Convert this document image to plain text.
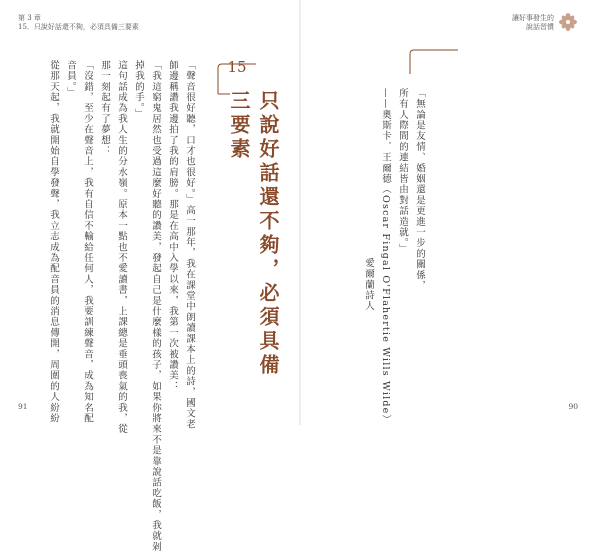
第 3 章
15．只說好話還不夠，必須具備三要素

「聲音很好聽，口才也很好。」高一那年，我在課堂中朗讀課本上的詩，國文老

師邊稱讚我邊拍了我的肩膀。那是在高中入學以來，我第一次被讚美：

「我這窮鬼居然也受過這麼好聽的讚美，發起自己是什麼樣的孩子，如果你將來不是靠說話吃飯，我就剁

掉我的手。」

這句話成為我人生的分水嶺。原本一點也不愛讀書，上課總是垂頭喪氣的我，從

那一刻起有了夢想：

「沒錯，至少在聲音上，我有自信不輸給任何人，我要訓練聲音，成為知名配

音員。」

從那天起，我就開始自學發聲，我立志成為配音員的消息傳開，周圍的人紛紛	15
只說好話還不夠，必須具備三要素
91
讓好事發生的
說話習慣

「無論是友情、婚姻還是更進一步的關係，

所有人際間的連結皆由對話造就。」

——奧斯卡．王爾德（Oscar Fingal O'Flahertie Wills Wilde）

愛爾蘭詩人

90
